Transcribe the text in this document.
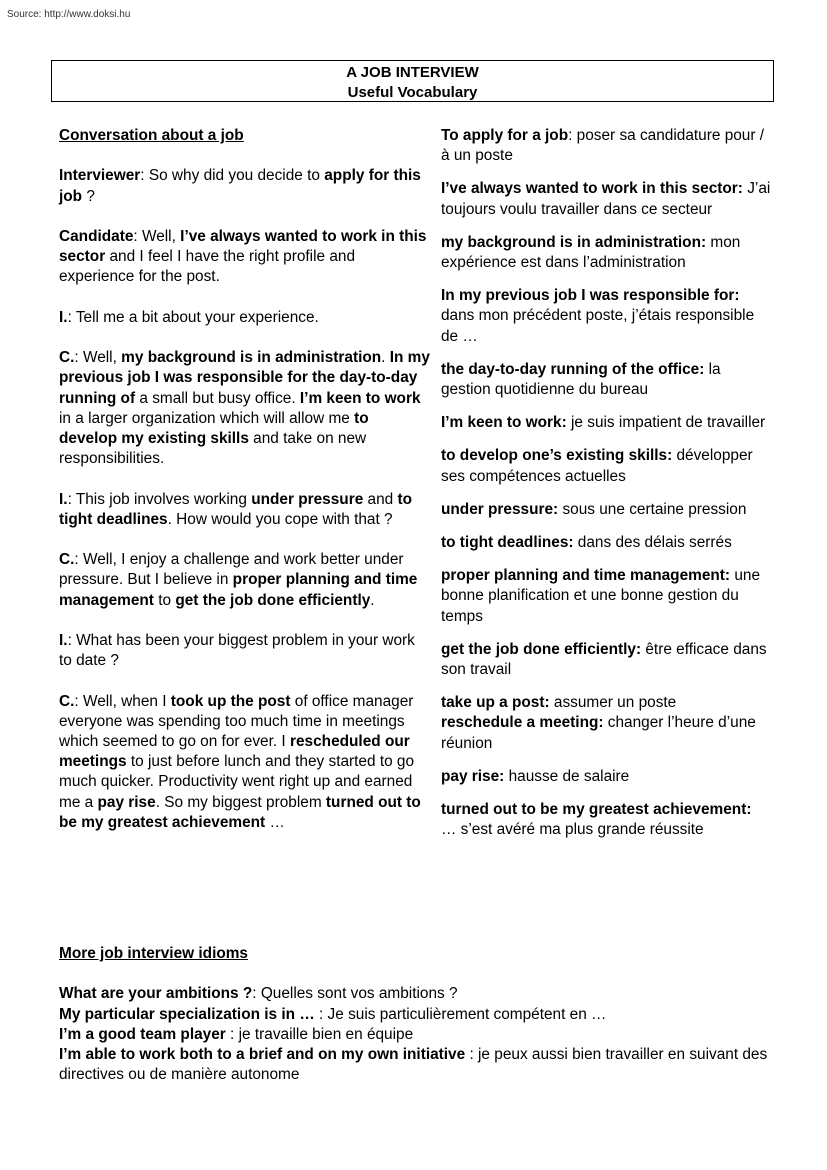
Source: http://www.doksi.hu
A JOB INTERVIEW
Useful Vocabulary

Conversation about a job

Interviewer: So why did you decide to apply for this job ?

Candidate: Well, I’ve always wanted to work in this sector and I feel I have the right profile and experience for the post.

I.: Tell me a bit about your experience.

C.: Well, my background is in administration. In my previous job I was responsible for the day-to-day running of a small but busy office. I’m keen to work in a larger organization which will allow me to develop my existing skills and take on new responsibilities.

I.: This job involves working under pressure and to tight deadlines. How would you cope with that ?

C.: Well, I enjoy a challenge and work better under pressure. But I believe in proper planning and time management to get the job done efficiently.

I.: What has been your biggest problem in your work to date ?

C.: Well, when I took up the post of office manager everyone was spending too much time in meetings which seemed to go on for ever. I rescheduled our meetings to just before lunch and they started to go much quicker. Productivity went right up and earned me a pay rise. So my biggest problem turned out to be my greatest achievement …

To apply for a job: poser sa candidature pour / à un poste

I’ve always wanted to work in this sector: J’ai toujours voulu travailler dans ce secteur

my background is in administration: mon expérience est dans l’administration

In my previous job I was responsible for: dans mon précédent poste, j’étais responsible de …

the day-to-day running of the office: la gestion quotidienne du bureau

I’m keen to work: je suis impatient de travailler

to develop one’s existing skills: développer ses compétences actuelles

under pressure: sous une certaine pression

to tight deadlines: dans des délais serrés

proper planning and time management: une bonne planification et une bonne gestion du temps

get the job done efficiently: être efficace dans son travail

take up a post: assumer un poste
reschedule a meeting: changer l’heure d’une réunion

pay rise: hausse de salaire

turned out to be my greatest achievement: … s’est avéré ma plus grande réussite

More job interview idioms

What are your ambitions ?: Quelles sont vos ambitions ?

My particular specialization is in … : Je suis particulièrement compétent en …

I’m a good team player : je travaille bien en équipe

I’m able to work both to a brief and on my own initiative : je peux aussi bien travailler en suivant des directives ou de manière autonome
